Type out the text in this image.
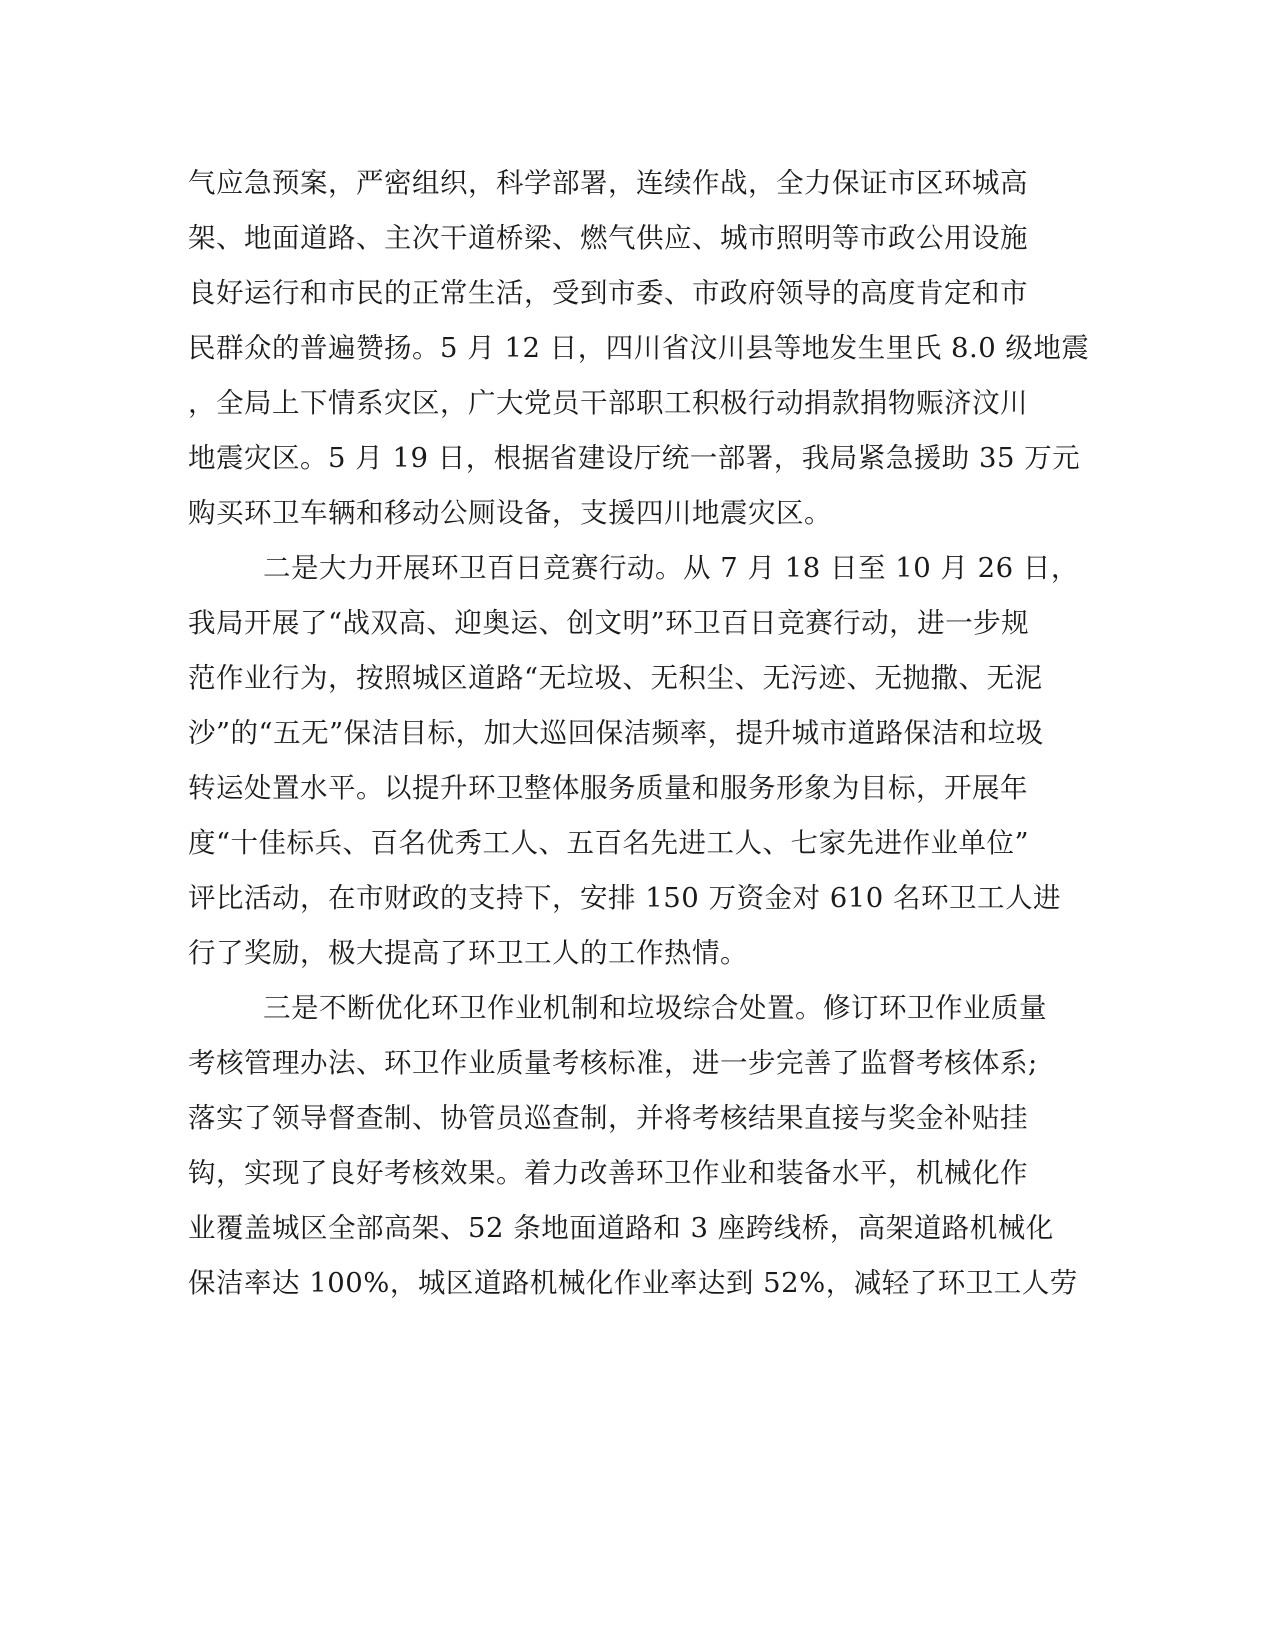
气应急预案，严密组织，科学部署，连续作战，全力保证市区环城高
架、地面道路、主次干道桥梁、燃气供应、城市照明等市政公用设施
良好运行和市民的正常生活，受到市委、市政府领导的高度肯定和市
民群众的普遍赞扬。5 月 12 日，四川省汶川县等地发生里氏 8.0 级地震
，全局上下情系灾区，广大党员干部职工积极行动捐款捐物赈济汶川
地震灾区。5 月 19 日，根据省建设厅统一部署，我局紧急援助 35 万元
购买环卫车辆和移动公厕设备，支援四川地震灾区。
二是大力开展环卫百日竞赛行动。从 7 月 18 日至 10 月 26 日，
我局开展了“战双高、迎奥运、创文明”环卫百日竞赛行动，进一步规
范作业行为，按照城区道路“无垃圾、无积尘、无污迹、无抛撒、无泥
沙”的“五无”保洁目标，加大巡回保洁频率，提升城市道路保洁和垃圾
转运处置水平。以提升环卫整体服务质量和服务形象为目标，开展年
度“十佳标兵、百名优秀工人、五百名先进工人、七家先进作业单位”
评比活动，在市财政的支持下，安排 150 万资金对 610 名环卫工人进
行了奖励，极大提高了环卫工人的工作热情。
三是不断优化环卫作业机制和垃圾综合处置。修订环卫作业质量
考核管理办法、环卫作业质量考核标准，进一步完善了监督考核体系;
落实了领导督查制、协管员巡查制，并将考核结果直接与奖金补贴挂
钩，实现了良好考核效果。着力改善环卫作业和装备水平，机械化作
业覆盖城区全部高架、52 条地面道路和 3 座跨线桥，高架道路机械化
保洁率达 100%，城区道路机械化作业率达到 52%，减轻了环卫工人劳
